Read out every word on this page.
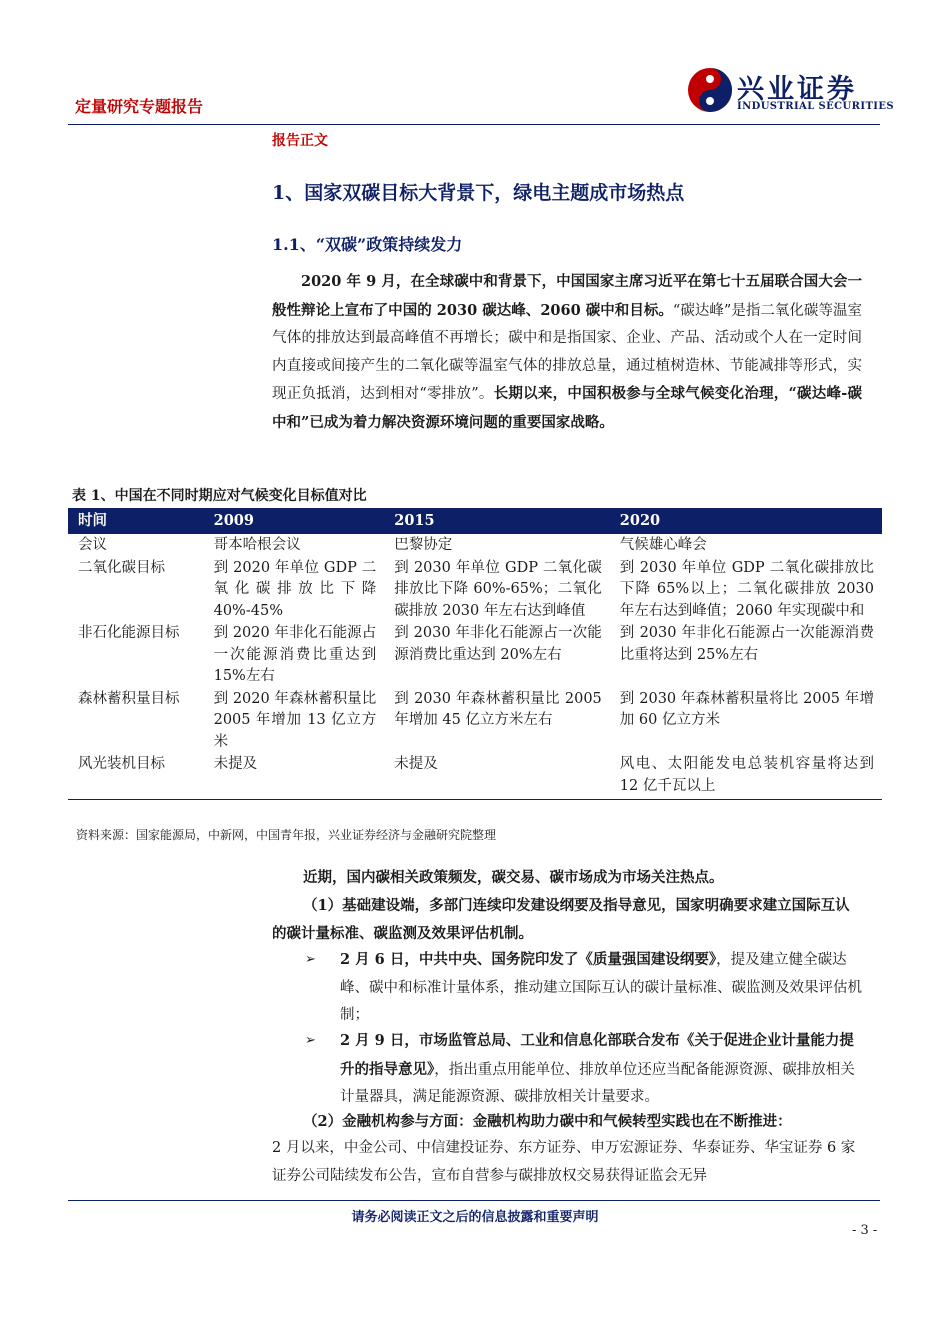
定量研究专题报告
兴业证券
INDUSTRIAL SECURITIES
报告正文
1、国家双碳目标大背景下，绿电主题成市场热点
1.1、“双碳”政策持续发力
2020 年 9 月，在全球碳中和背景下，中国国家主席习近平在第七十五届联合国大会一般性辩论上宣布了中国的 2030 碳达峰、2060 碳中和目标。“碳达峰”是指二氧化碳等温室气体的排放达到最高峰值不再增长；碳中和是指国家、企业、产品、活动或个人在一定时间内直接或间接产生的二氧化碳等温室气体的排放总量，通过植树造林、节能减排等形式，实现正负抵消，达到相对“零排放”。长期以来，中国积极参与全球气候变化治理，“碳达峰-碳中和”已成为着力解决资源环境问题的重要国家战略。
表 1、中国在不同时期应对气候变化目标值对比
时间	2009	2015	2020
会议	哥本哈根会议	巴黎协定	气候雄心峰会
二氧化碳目标	到 2020 年单位 GDP 二氧化碳排放比下降 40%-45%	到 2030 年单位 GDP 二氧化碳排放比下降 60%-65%；二氧化碳排放 2030 年左右达到峰值	到 2030 年单位 GDP 二氧化碳排放比下降 65%以上；二氧化碳排放 2030 年左右达到峰值；2060 年实现碳中和
非石化能源目标	到 2020 年非化石能源占一次能源消费比重达到 15%左右	到 2030 年非化石能源占一次能源消费比重达到 20%左右	到 2030 年非化石能源占一次能源消费比重将达到 25%左右
森林蓄积量目标	到 2020 年森林蓄积量比 2005 年增加 13 亿立方米	到 2030 年森林蓄积量比 2005 年增加 45 亿立方米左右	到 2030 年森林蓄积量将比 2005 年增加 60 亿立方米
风光装机目标	未提及	未提及	风电、太阳能发电总装机容量将达到 12 亿千瓦以上
资料来源：国家能源局，中新网，中国青年报，兴业证券经济与金融研究院整理
近期，国内碳相关政策频发，碳交易、碳市场成为市场关注热点。
（1）基础建设端，多部门连续印发建设纲要及指导意见，国家明确要求建立国际互认的碳计量标准、碳监测及效果评估机制。
➢ 2 月 6 日，中共中央、国务院印发了《质量强国建设纲要》，提及建立健全碳达峰、碳中和标准计量体系，推动建立国际互认的碳计量标准、碳监测及效果评估机制；
➢ 2 月 9 日，市场监管总局、工业和信息化部联合发布《关于促进企业计量能力提升的指导意见》，指出重点用能单位、排放单位还应当配备能源资源、碳排放相关计量器具，满足能源资源、碳排放相关计量要求。
（2）金融机构参与方面：金融机构助力碳中和气候转型实践也在不断推进：
2 月以来，中金公司、中信建投证券、东方证券、申万宏源证券、华泰证券、华宝证券 6 家证券公司陆续发布公告，宣布自营参与碳排放权交易获得证监会无异
请务必阅读正文之后的信息披露和重要声明
- 3 -
